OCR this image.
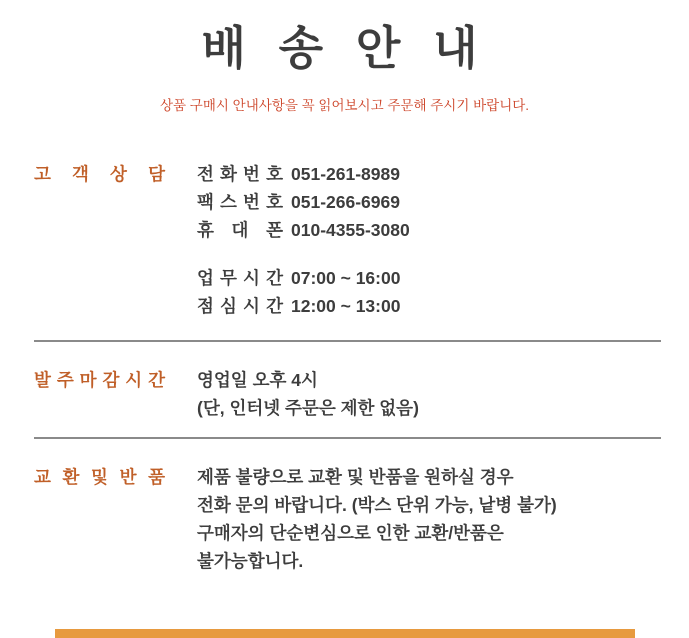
배 송 안 내

상품 구매시 안내사항을 꼭 읽어보시고 주문해 주시기 바랍니다.

고 객 상 담	전 화 번 호 051-261-8989
팩 스 번 호 051-266-6969
휴 대 폰 010-4355-3080
업 무 시 간 07:00 ~ 16:00
점 심 시 간 12:00 ~ 13:00
발 주 마 감 시 간	영업일 오후 4시
(단, 인터넷 주문은 제한 없음)
교 환 및 반 품	제품 불량으로 교환 및 반품을 원하실 경우
전화 문의 바랍니다. (박스 단위 가능, 낱병 불가)
구매자의 단순변심으로 인한 교환/반품은
불가능합니다.
